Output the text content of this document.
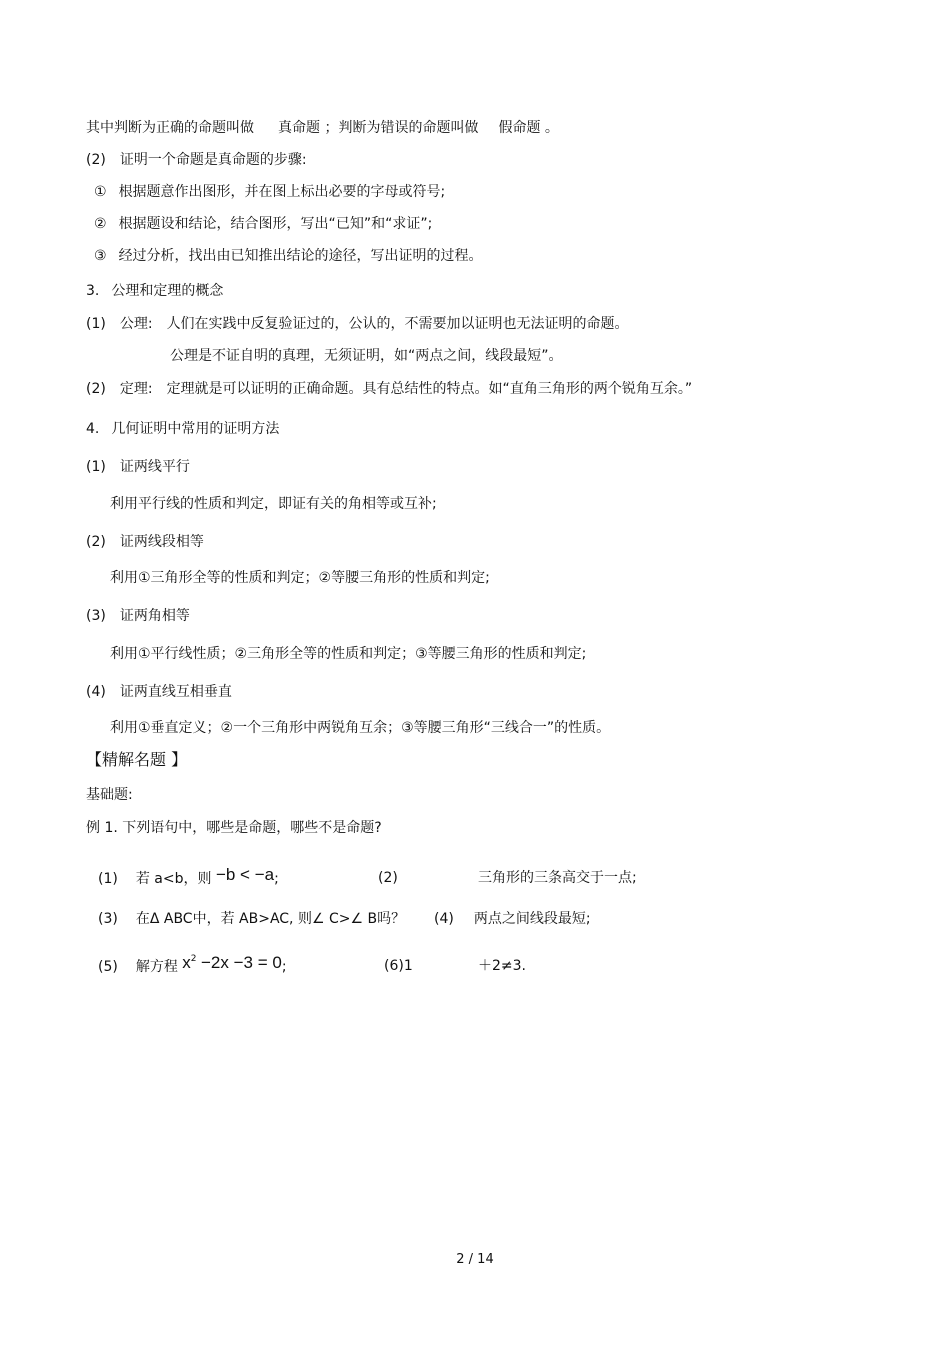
其中判断为正确的命题叫做 真命题 ；判断为错误的命题叫做 假命题 。
(2) 证明一个命题是真命题的步骤:
① 根据题意作出图形，并在图上标出必要的字母或符号;
② 根据题设和结论，结合图形，写出“已知”和“求证”;
③ 经过分析，找出由已知推出结论的途径，写出证明的过程。
3. 公理和定理的概念
(1) 公理: 人们在实践中反复验证过的，公认的，不需要加以证明也无法证明的命题。
公理是不证自明的真理，无须证明，如“两点之间，线段最短”。
(2) 定理: 定理就是可以证明的正确命题。具有总结性的特点。如“直角三角形的两个锐角互余。”
4. 几何证明中常用的证明方法
(1) 证两线平行
利用平行线的性质和判定，即证有关的角相等或互补;
(2) 证两线段相等
利用①三角形全等的性质和判定；②等腰三角形的性质和判定;
(3) 证两角相等
利用①平行线性质；②三角形全等的性质和判定；③等腰三角形的性质和判定;
(4) 证两直线互相垂直
利用①垂直定义；②一个三角形中两锐角互余；③等腰三角形“三线合一”的性质。
【精解名题 】
基础题:
例 1. 下列语句中，哪些是命题，哪些不是命题?
(1) 若 a<b，则 −b < −a;	(2)	三角形的三条高交于一点;
(3) 在Δ ABC中，若 AB>AC, 则∠ C>∠ B吗？ (4) 两点之间线段最短;
(5) 解方程 $x^2 -2x -3 = 0$;	(6)1	＋2≠3.
2 / 14
